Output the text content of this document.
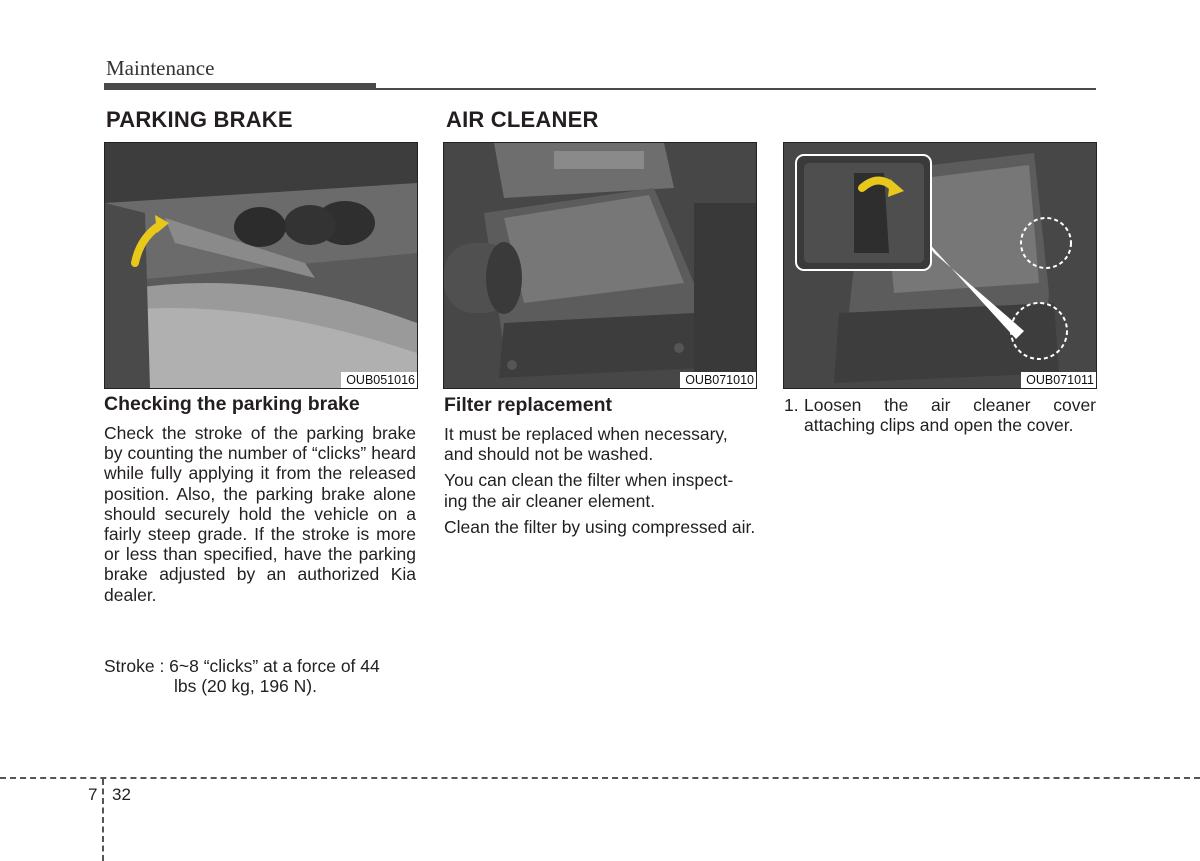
Maintenance
PARKING BRAKE
OUB051016
Checking the parking brake

Check the stroke of the parking brake by counting the number of “clicks” heard while fully applying it from the released position. Also, the parking brake alone should securely hold the vehicle on a fairly steep grade. If the stroke is more or less than specified, have the parking brake adjusted by an authorized Kia dealer.

Stroke : 6~8 “clicks” at a force of 44
lbs (20 kg, 196 N).
AIR CLEANER
OUB071010
Filter replacement

It must be replaced when necessary, and should not be washed.

You can clean the filter when inspect-ing the air cleaner element.

Clean the filter by using compressed air.

OUB071011
1. Loosen the air cleaner cover attaching clips and open the cover.
7 32
